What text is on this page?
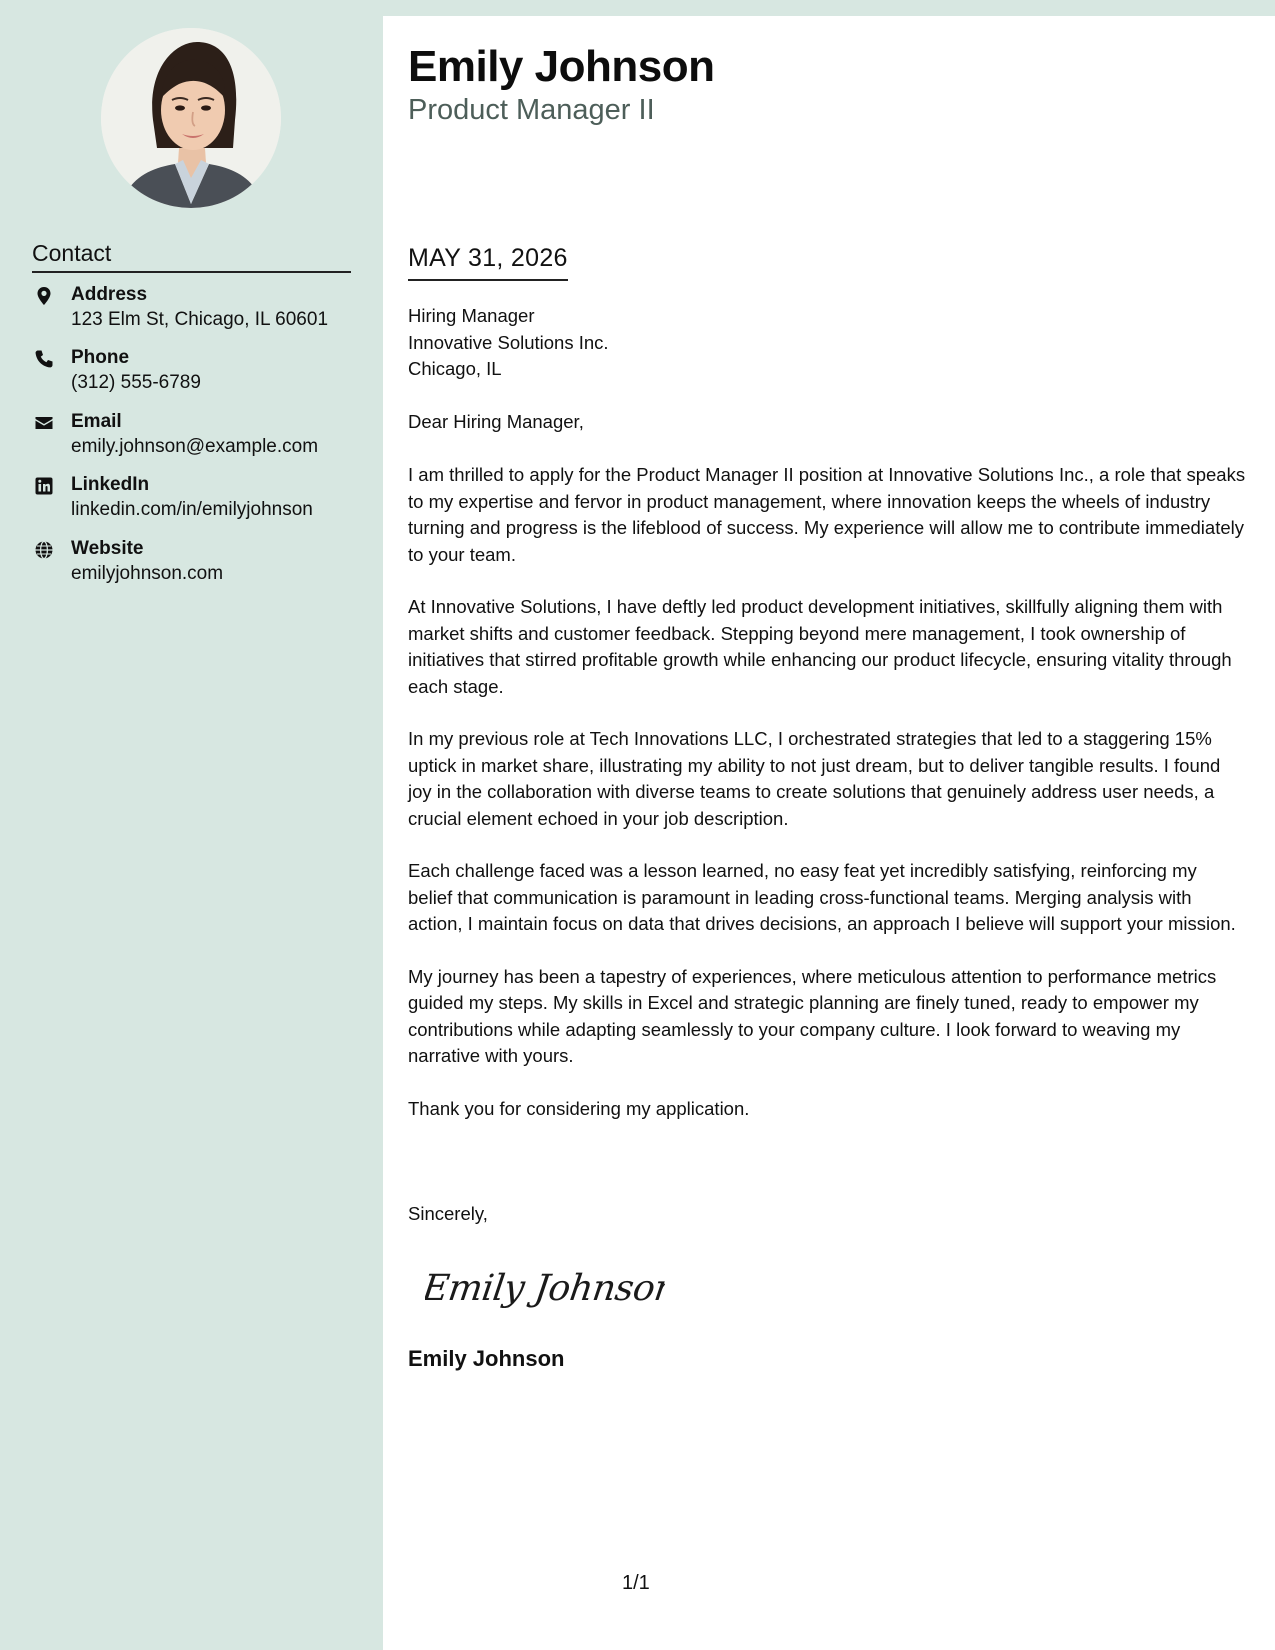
Contact
Address
123 Elm St, Chicago, IL 60601
Phone
(312) 555-6789
Email
emily.johnson@example.com
LinkedIn
linkedin.com/in/emilyjohnson
Website
emilyjohnson.com
Emily Johnson
Product Manager II
MAY 31, 2026
Hiring Manager
Innovative Solutions Inc.
Chicago, IL
Dear Hiring Manager,

I am thrilled to apply for the Product Manager II position at Innovative Solutions Inc., a role that speaks to my expertise and fervor in product management, where innovation keeps the wheels of industry turning and progress is the lifeblood of success. My experience will allow me to contribute immediately to your team.

At Innovative Solutions, I have deftly led product development initiatives, skillfully aligning them with market shifts and customer feedback. Stepping beyond mere management, I took ownership of initiatives that stirred profitable growth while enhancing our product lifecycle, ensuring vitality through each stage.

In my previous role at Tech Innovations LLC, I orchestrated strategies that led to a staggering 15% uptick in market share, illustrating my ability to not just dream, but to deliver tangible results. I found joy in the collaboration with diverse teams to create solutions that genuinely address user needs, a crucial element echoed in your job description.

Each challenge faced was a lesson learned, no easy feat yet incredibly satisfying, reinforcing my belief that communication is paramount in leading cross-functional teams. Merging analysis with action, I maintain focus on data that drives decisions, an approach I believe will support your mission.

My journey has been a tapestry of experiences, where meticulous attention to performance metrics guided my steps. My skills in Excel and strategic planning are finely tuned, ready to empower my contributions while adapting seamlessly to your company culture. I look forward to weaving my narrative with yours.

Thank you for considering my application.

Sincerely,
Emily Johnson
Emily Johnson
1/1
